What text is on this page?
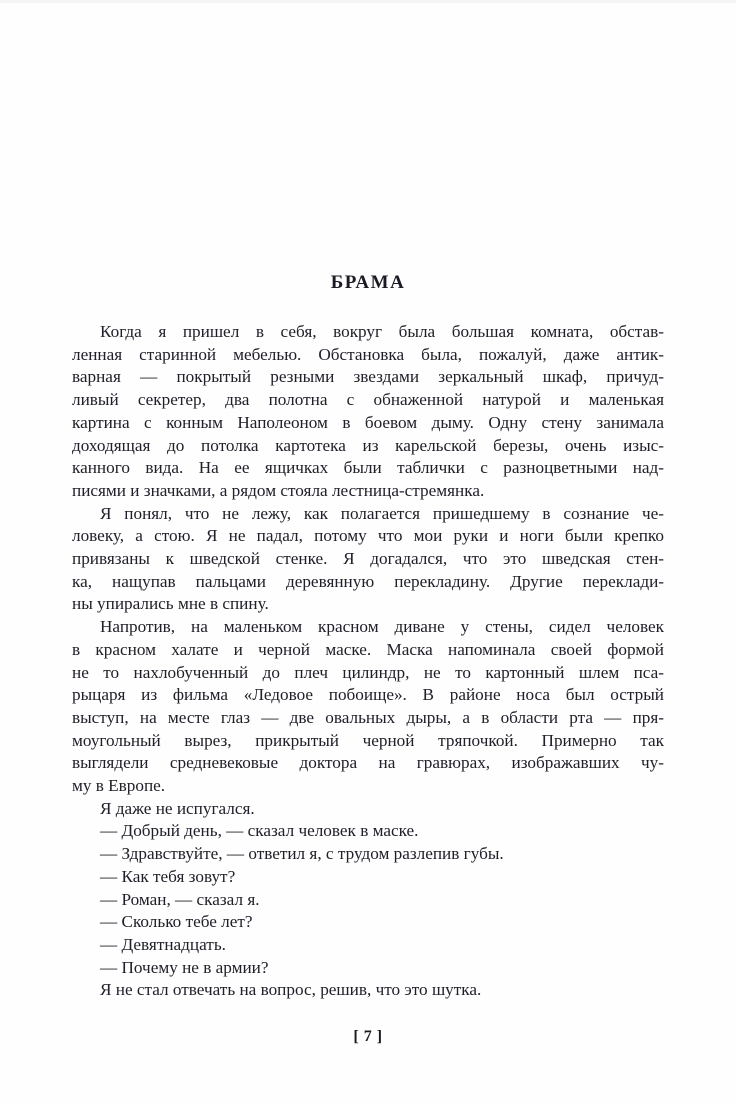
БРАМА
Когда я пришел в себя, вокруг была большая комната, обстав-
ленная старинной мебелью. Обстановка была, пожалуй, даже антик-
варная — покрытый резными звездами зеркальный шкаф, причуд-
ливый секретер, два полотна с обнаженной натурой и маленькая
картина с конным Наполеоном в боевом дыму. Одну стену занимала
доходящая до потолка картотека из карельской березы, очень изыс-
канного вида. На ее ящичках были таблички с разноцветными над-
писями и значками, а рядом стояла лестница-стремянка.
Я понял, что не лежу, как полагается пришедшему в сознание че-
ловеку, а стою. Я не падал, потому что мои руки и ноги были крепко
привязаны к шведской стенке. Я догадался, что это шведская стен-
ка, нащупав пальцами деревянную перекладину. Другие переклади-
ны упирались мне в спину.
Напротив, на маленьком красном диване у стены, сидел человек
в красном халате и черной маске. Маска напоминала своей формой
не то нахлобученный до плеч цилиндр, не то картонный шлем пса-
рыцаря из фильма «Ледовое побоище». В районе носа был острый
выступ, на месте глаз — две овальных дыры, а в области рта — пря-
моугольный вырез, прикрытый черной тряпочкой. Примерно так
выглядели средневековые доктора на гравюрах, изображавших чу-
му в Европе.
Я даже не испугался.
— Добрый день, — сказал человек в маске.
— Здравствуйте, — ответил я, с трудом разлепив губы.
— Как тебя зовут?
— Роман, — сказал я.
— Сколько тебе лет?
— Девятнадцать.
— Почему не в армии?
Я не стал отвечать на вопрос, решив, что это шутка.
[ 7 ]
